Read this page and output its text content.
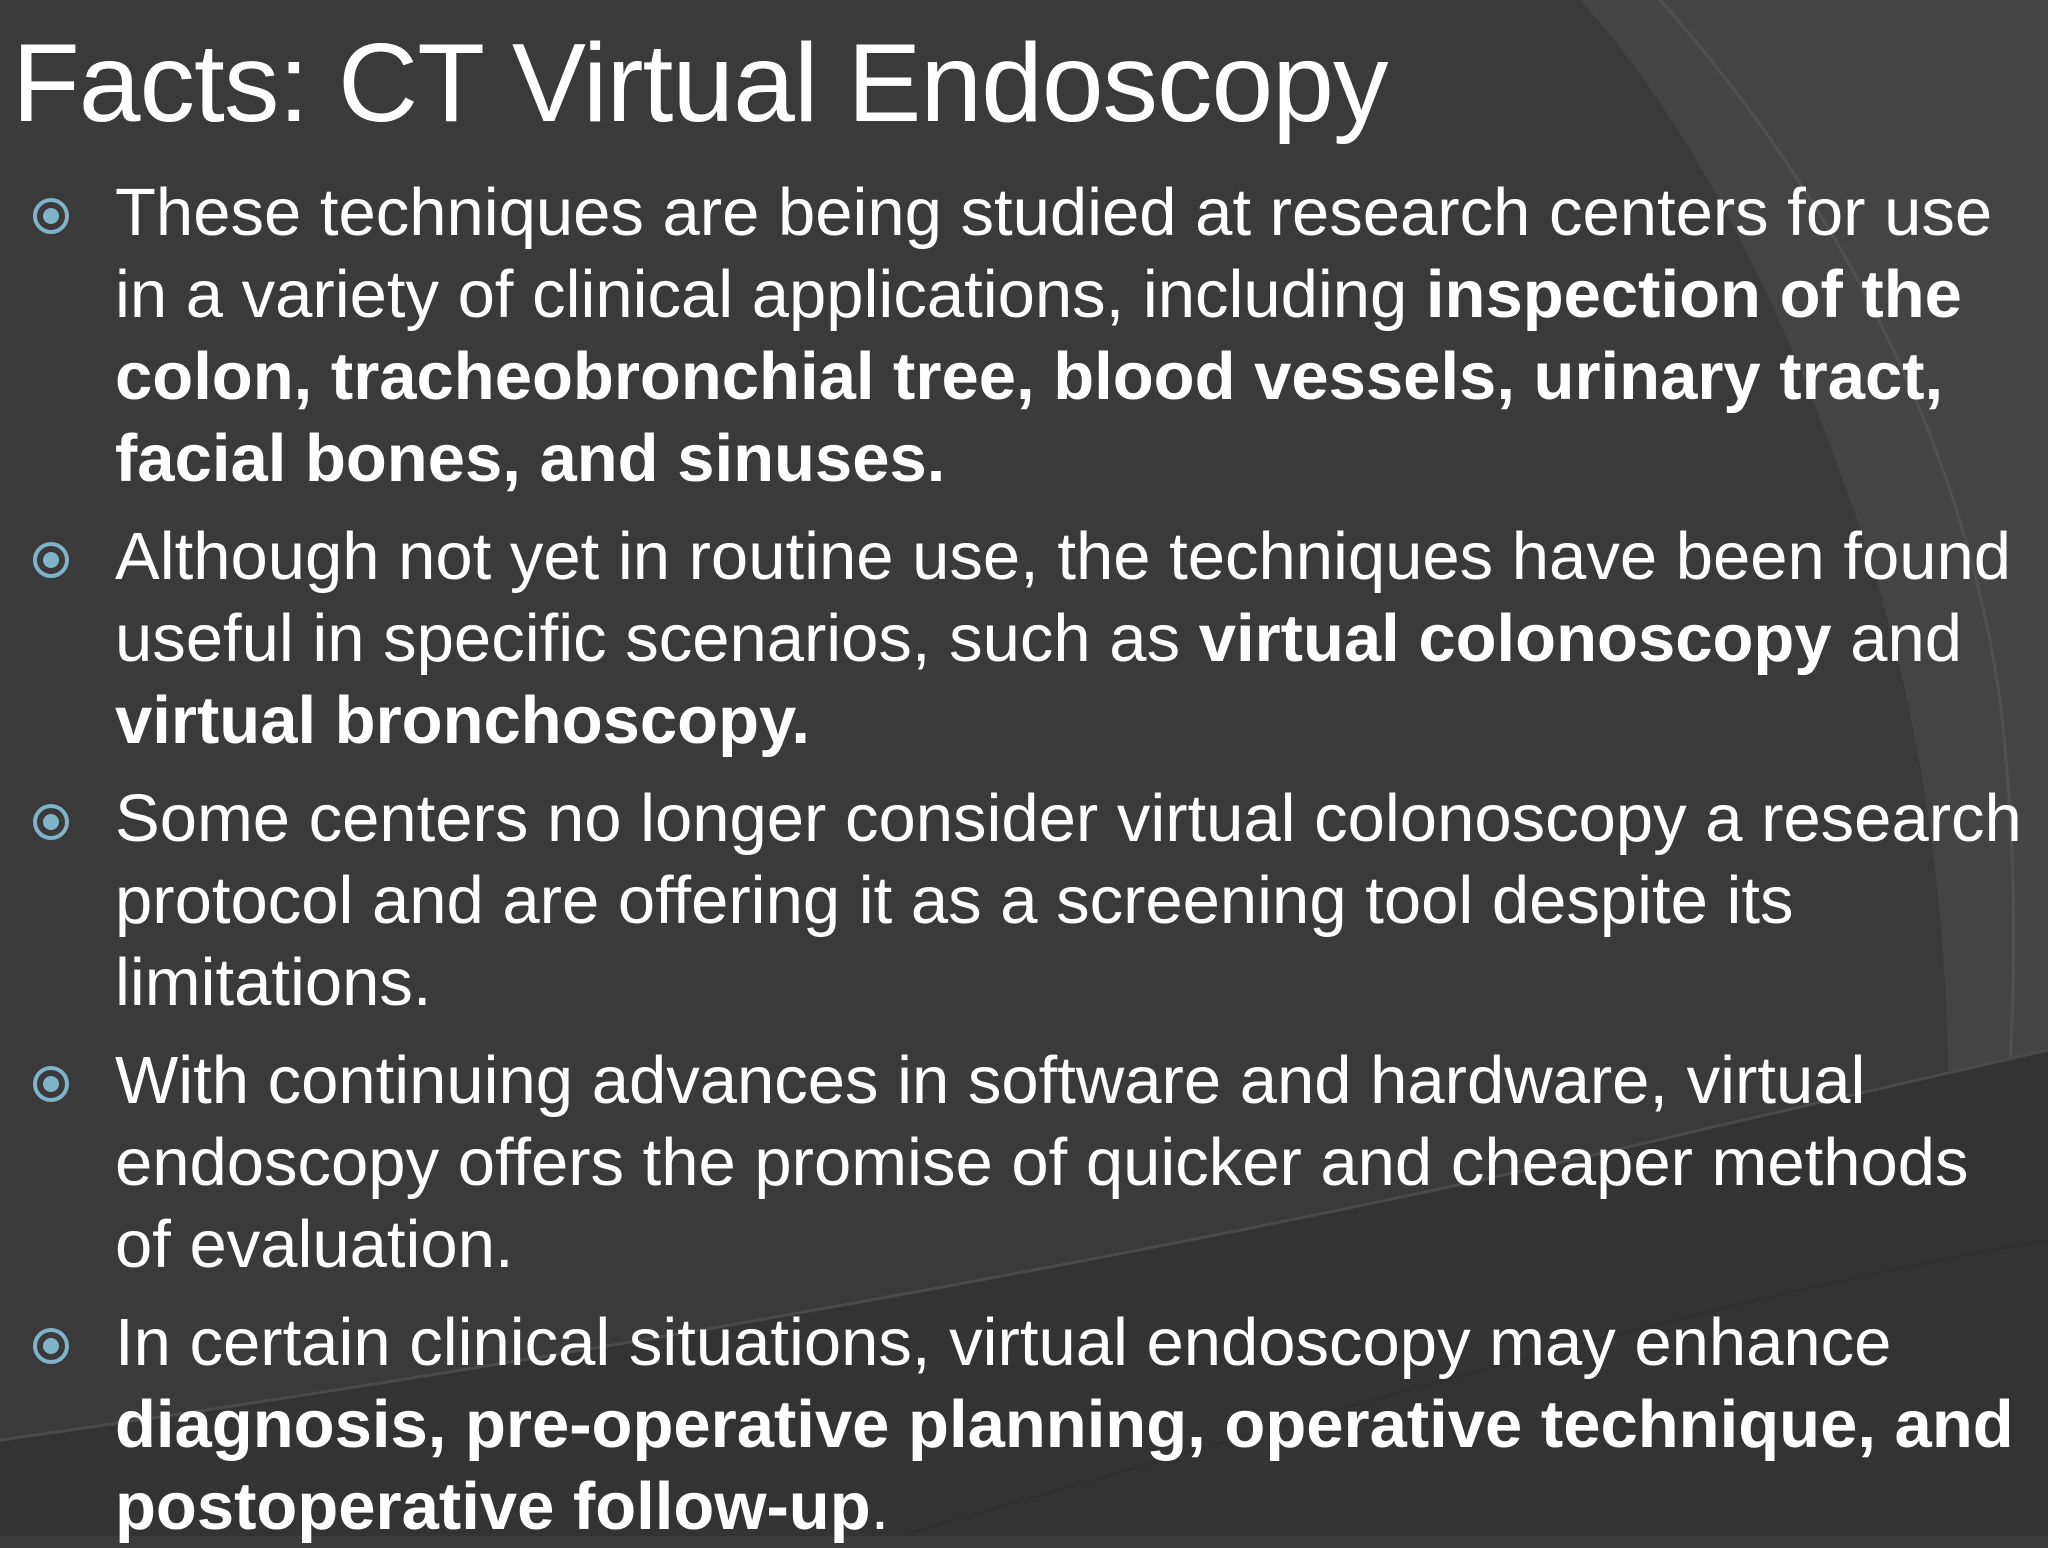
Facts: CT Virtual Endoscopy
These techniques are being studied at research centers for use in a variety of clinical applications, including inspection of the colon, tracheobronchial tree, blood vessels, urinary tract, facial bones, and sinuses.
Although not yet in routine use, the techniques have been found useful in specific scenarios, such as virtual colonoscopy and virtual bronchoscopy.
Some centers no longer consider virtual colonoscopy a research protocol and are offering it as a screening tool despite its limitations.
With continuing advances in software and hardware, virtual endoscopy offers the promise of quicker and cheaper methods of evaluation.
In certain clinical situations, virtual endoscopy may enhance diagnosis, pre-operative planning, operative technique, and postoperative follow-up.
